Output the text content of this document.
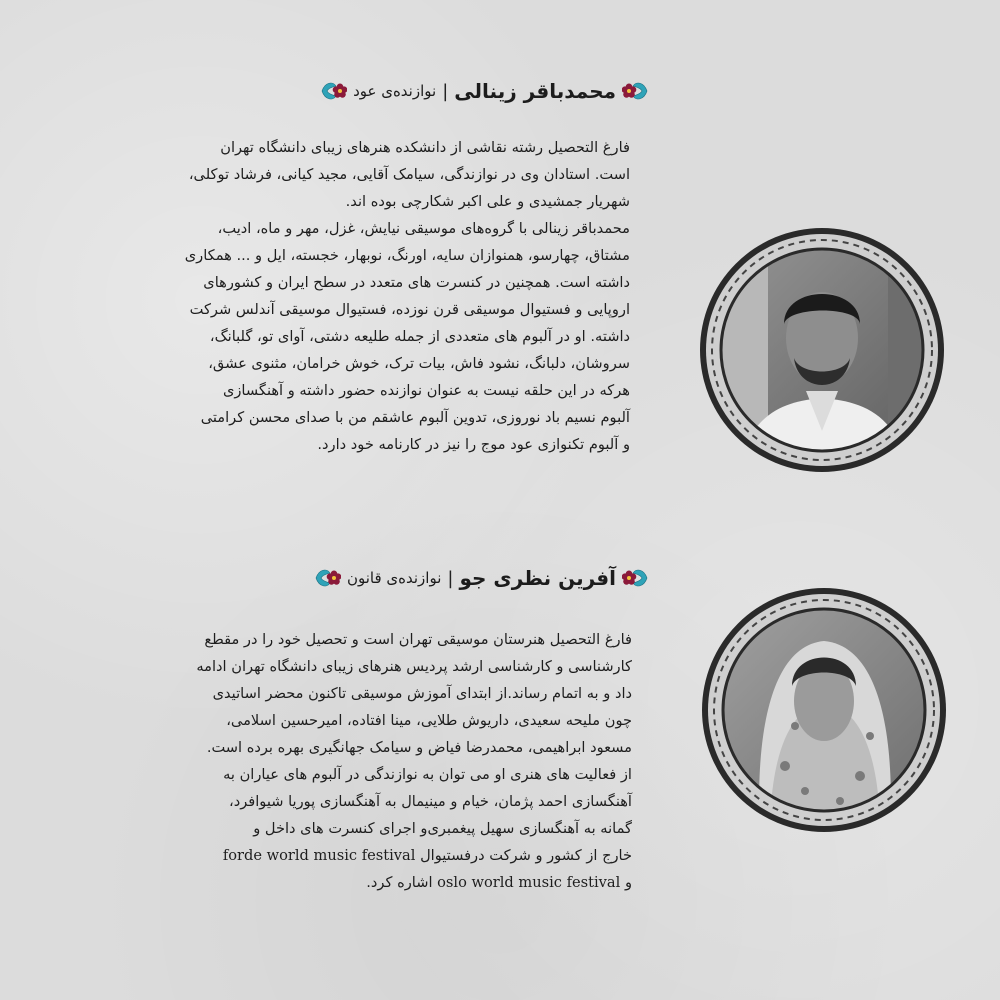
محمدباقر زینالی
|
نوازنده‌ی عود
فارغ التحصیل رشته نقاشی از دانشکده هنرهای زیبای دانشگاه تهران
است. استادان وی در نوازندگی، سیامک آقایی، مجید کیانی، فرشاد توکلی،
شهریار جمشیدی و علی اکبر شکارچی بوده اند.
محمدباقر زینالی با گروه‌های موسیقی نیایش، غزل، مهر و ماه، ادیب،
مشتاق، چهارسو، همنوازان سایه، اورنگ، نوبهار، خجسته، ایل و ... همکاری
داشته است. همچنین در کنسرت های متعدد در سطح ایران و کشورهای
اروپایی و فستیوال موسیقی قرن نوزده، فستیوال موسیقی آندلس شرکت
داشته. او در آلبوم های متعددی از جمله طلیعه دشتی، آوای تو، گلبانگ،
سروشان، دلبانگ، نشود فاش، بیات ترک، خوش خرامان، مثنوی عشق،
هرکه در این حلقه نیست به عنوان نوازنده حضور داشته و آهنگسازی
آلبوم نسیم باد نوروزی، تدوین آلبوم عاشقم من با صدای محسن کرامتی
و آلبوم تکنوازی عود موج را نیز در کارنامه خود دارد.
آفرین نظری جو
|
نوازنده‌ی قانون
فارغ التحصیل هنرستان موسیقی تهران است و تحصیل خود را در مقطع
کارشناسی و کارشناسی ارشد پردیس هنرهای زیبای دانشگاه تهران ادامه
داد و به اتمام رساند.از ابتدای آموزش موسیقی تاکنون محضر اساتیدی
چون ملیحه سعیدی، داریوش طلایی، مینا افتاده، امیرحسین اسلامی،
مسعود ابراهیمی، محمدرضا فیاض و سیامک جهانگیری بهره برده است.
از فعالیت های هنری او می توان به نوازندگی در آلبوم های عیاران به
آهنگسازی احمد پژمان، خیام و مینیمال به آهنگسازی پوریا شیوافرد،
گمانه به آهنگسازی سهیل پیغمبری‌و اجرای کنسرت های داخل و
خارج از کشور و شرکت درفستیوال forde world music festival
و oslo world music festival اشاره کرد.
